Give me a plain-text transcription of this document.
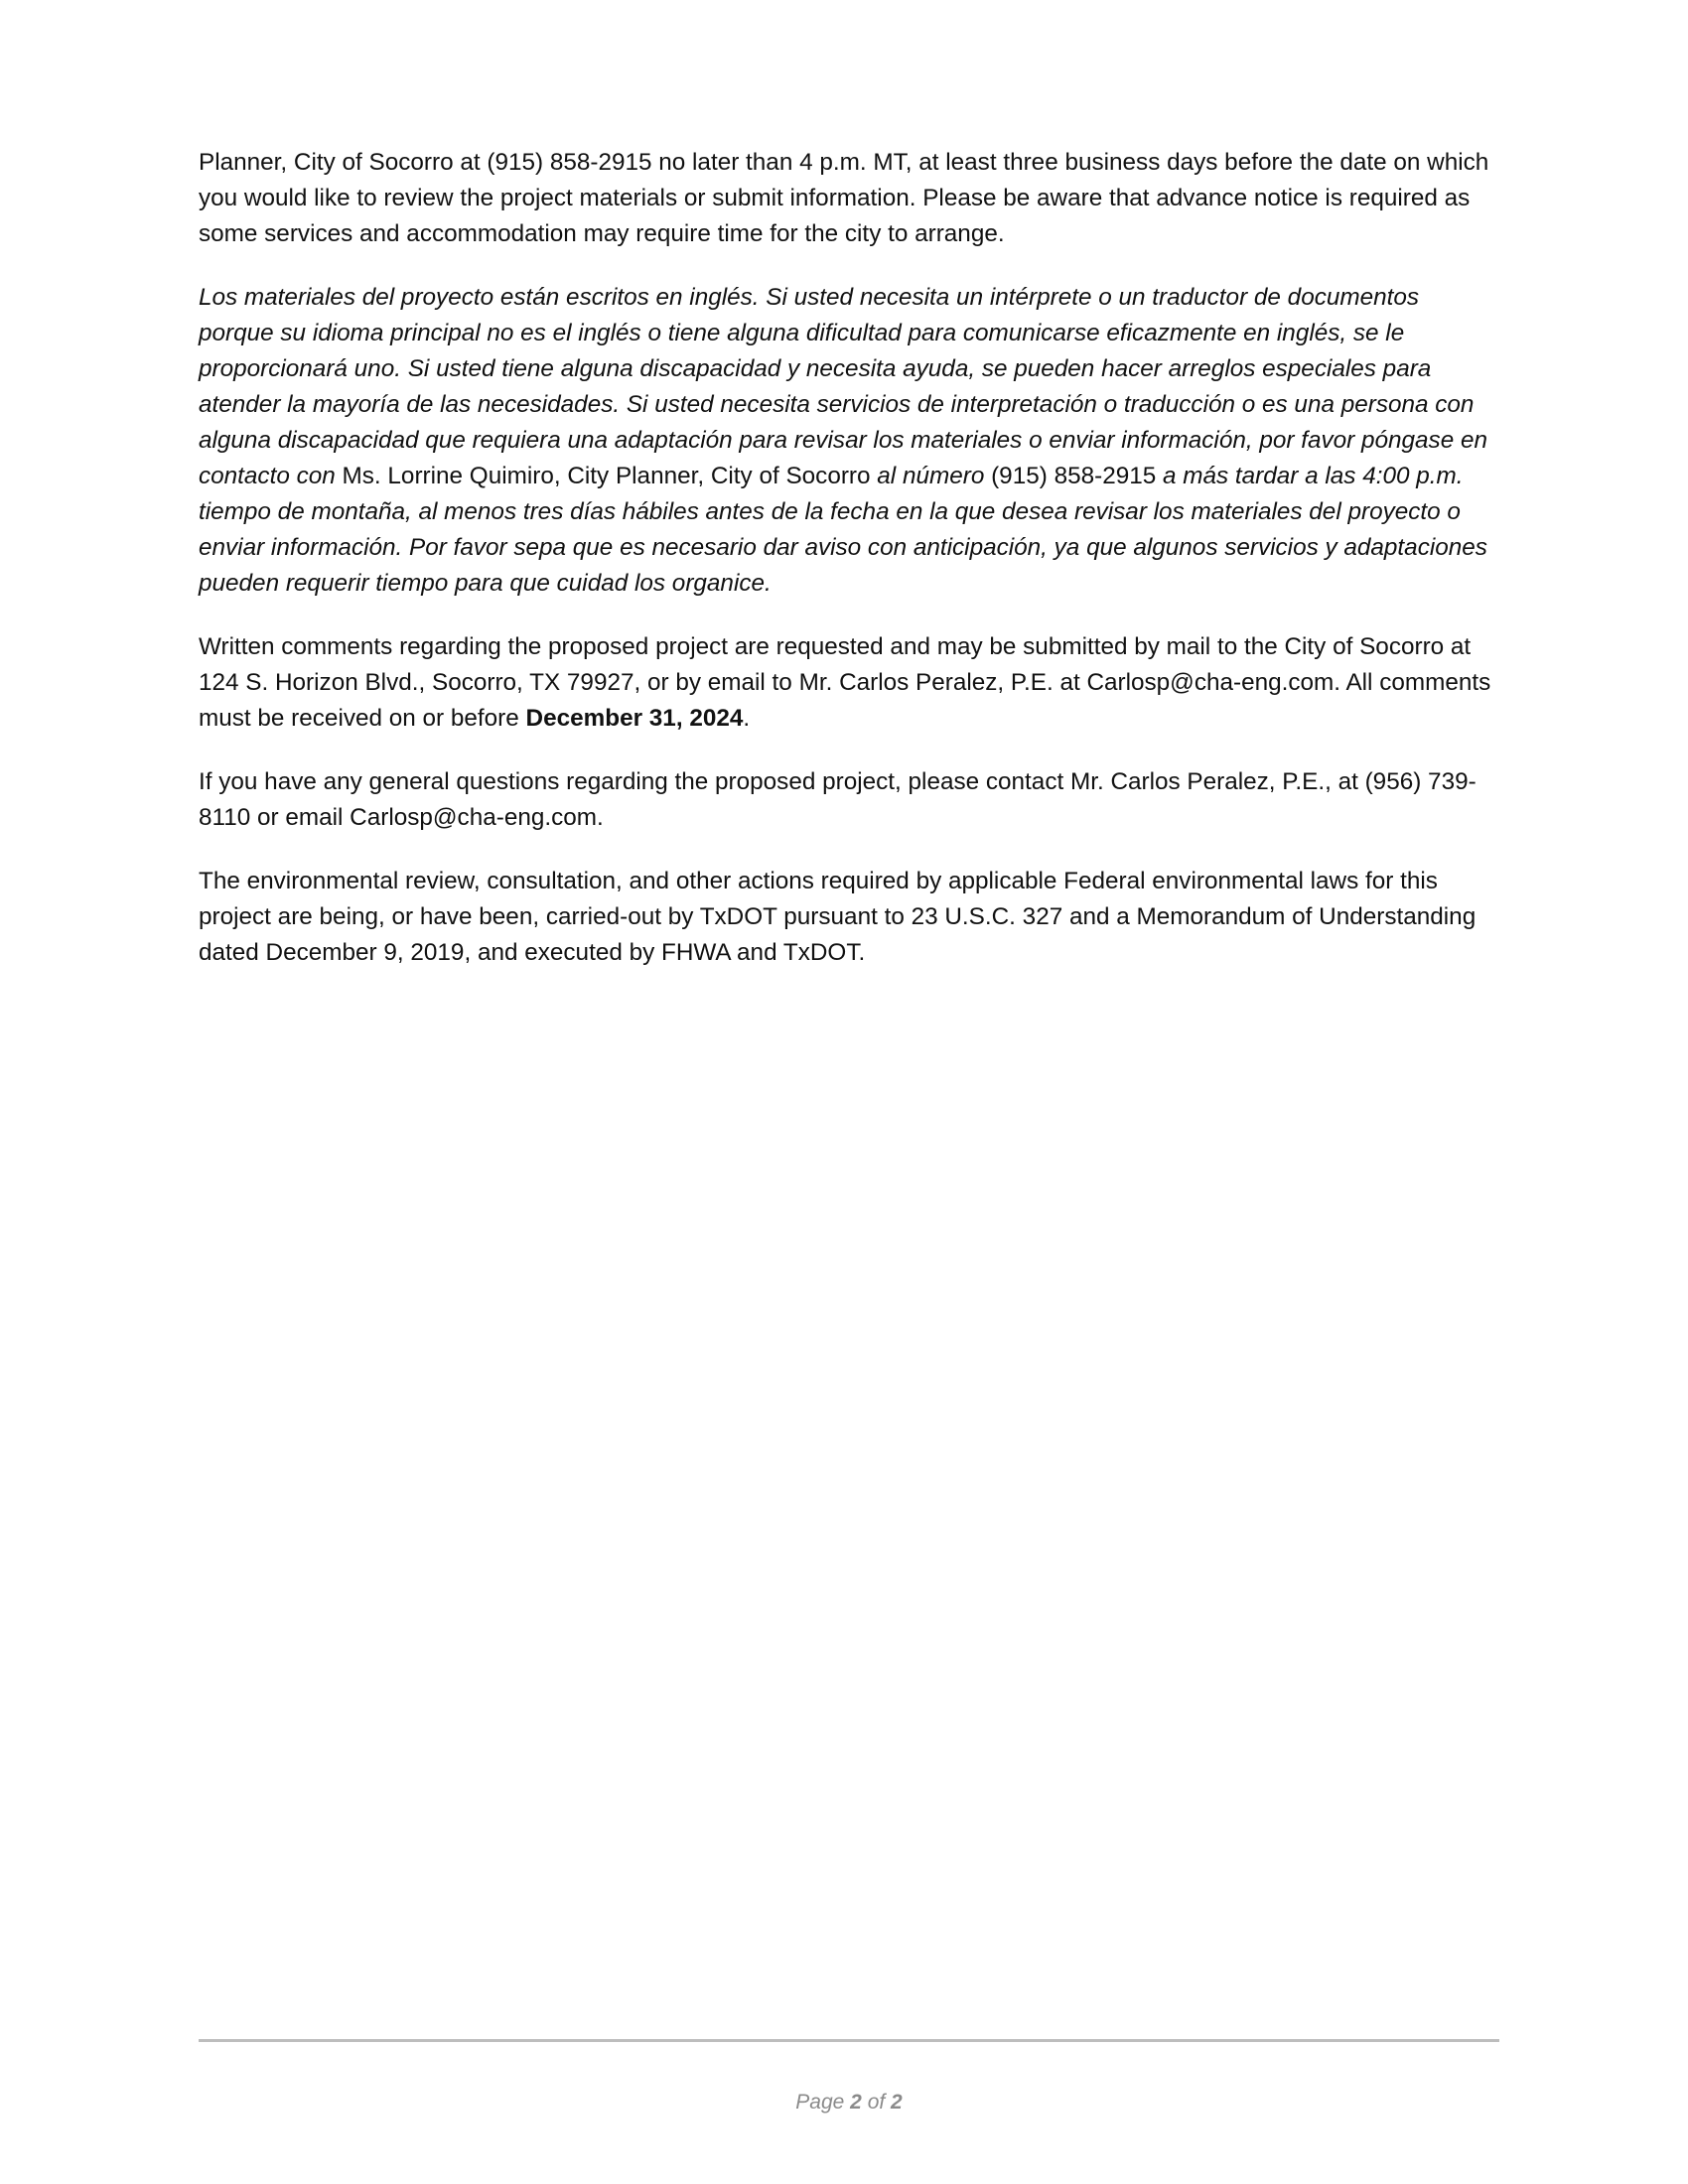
Planner, City of Socorro at (915) 858-2915 no later than 4 p.m. MT, at least three business days before the date on which you would like to review the project materials or submit information. Please be aware that advance notice is required as some services and accommodation may require time for the city to arrange.

Los materiales del proyecto están escritos en inglés. Si usted necesita un intérprete o un traductor de documentos porque su idioma principal no es el inglés o tiene alguna dificultad para comunicarse eficazmente en inglés, se le proporcionará uno. Si usted tiene alguna discapacidad y necesita ayuda, se pueden hacer arreglos especiales para atender la mayoría de las necesidades. Si usted necesita servicios de interpretación o traducción o es una persona con alguna discapacidad que requiera una adaptación para revisar los materiales o enviar información, por favor póngase en contacto con Ms. Lorrine Quimiro, City Planner, City of Socorro al número (915) 858-2915 a más tardar a las 4:00 p.m. tiempo de montaña, al menos tres días hábiles antes de la fecha en la que desea revisar los materiales del proyecto o enviar información. Por favor sepa que es necesario dar aviso con anticipación, ya que algunos servicios y adaptaciones pueden requerir tiempo para que cuidad los organice.

Written comments regarding the proposed project are requested and may be submitted by mail to the City of Socorro at 124 S. Horizon Blvd., Socorro, TX 79927, or by email to Mr. Carlos Peralez, P.E. at Carlosp@cha-eng.com. All comments must be received on or before December 31, 2024.

If you have any general questions regarding the proposed project, please contact Mr. Carlos Peralez, P.E., at (956) 739-8110 or email Carlosp@cha-eng.com.

The environmental review, consultation, and other actions required by applicable Federal environmental laws for this project are being, or have been, carried-out by TxDOT pursuant to 23 U.S.C. 327 and a Memorandum of Understanding dated December 9, 2019, and executed by FHWA and TxDOT.

Page 2 of 2
